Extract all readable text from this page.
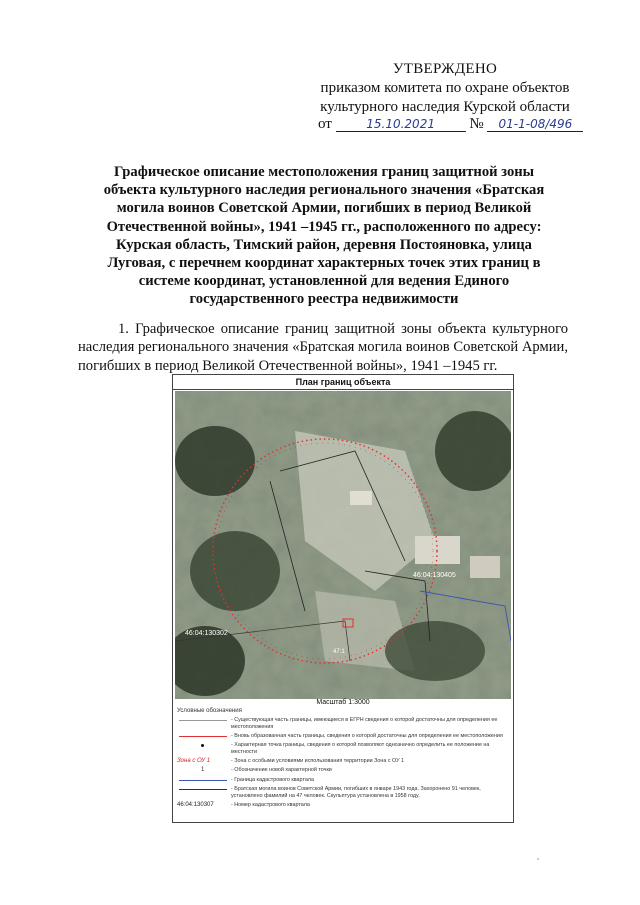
УТВЕРЖДЕНО
приказом комитета по охране объектов
культурного наследия Курской области
от	15.10.2021 № 01-1-08/496
Графическое описание местоположения границ защитной зоны объекта культурного наследия регионального значения «Братская могила воинов Советской Армии, погибших в период Великой Отечественной войны», 1941 –1945 гг., расположенного по адресу: Курская область, Тимский район, деревня Постояновка, улица Луговая, с перечнем координат характерных точек этих границ в системе координат, установленной для ведения Единого государственного реестра недвижимости
1. Графическое описание границ защитной зоны объекта культурного наследия регионального значения «Братская могила воинов Советской Армии, погибших в период Великой Отечественной войны», 1941 –1945 гг.
План границ объекта
46:04:130405
46:04:130302
47:1
Масштаб 1:3000
Условные обозначения
- Существующая часть границы, имеющиеся в ЕГРН сведения о которой достаточны для определения ее местоположения
- Вновь образованная часть границы, сведения о которой достаточны для определения ее местоположения
- Характерная точка границы, сведения о которой позволяют однозначно определить ее положение на местности
Зона с ОУ 1	- Зона с особыми условиями использования территории Зона с ОУ 1
1	- Обозначение новой характерной точки
- Граница кадастрового квартала
- Братская могила воинов Советской Армии, погибших в январе 1943 года. Захоронено 91 человек, установлено фамилий на 47 человек. Скульптура установлена в 1958 году.
46:04:130307	- Номер кадастрового квартала
